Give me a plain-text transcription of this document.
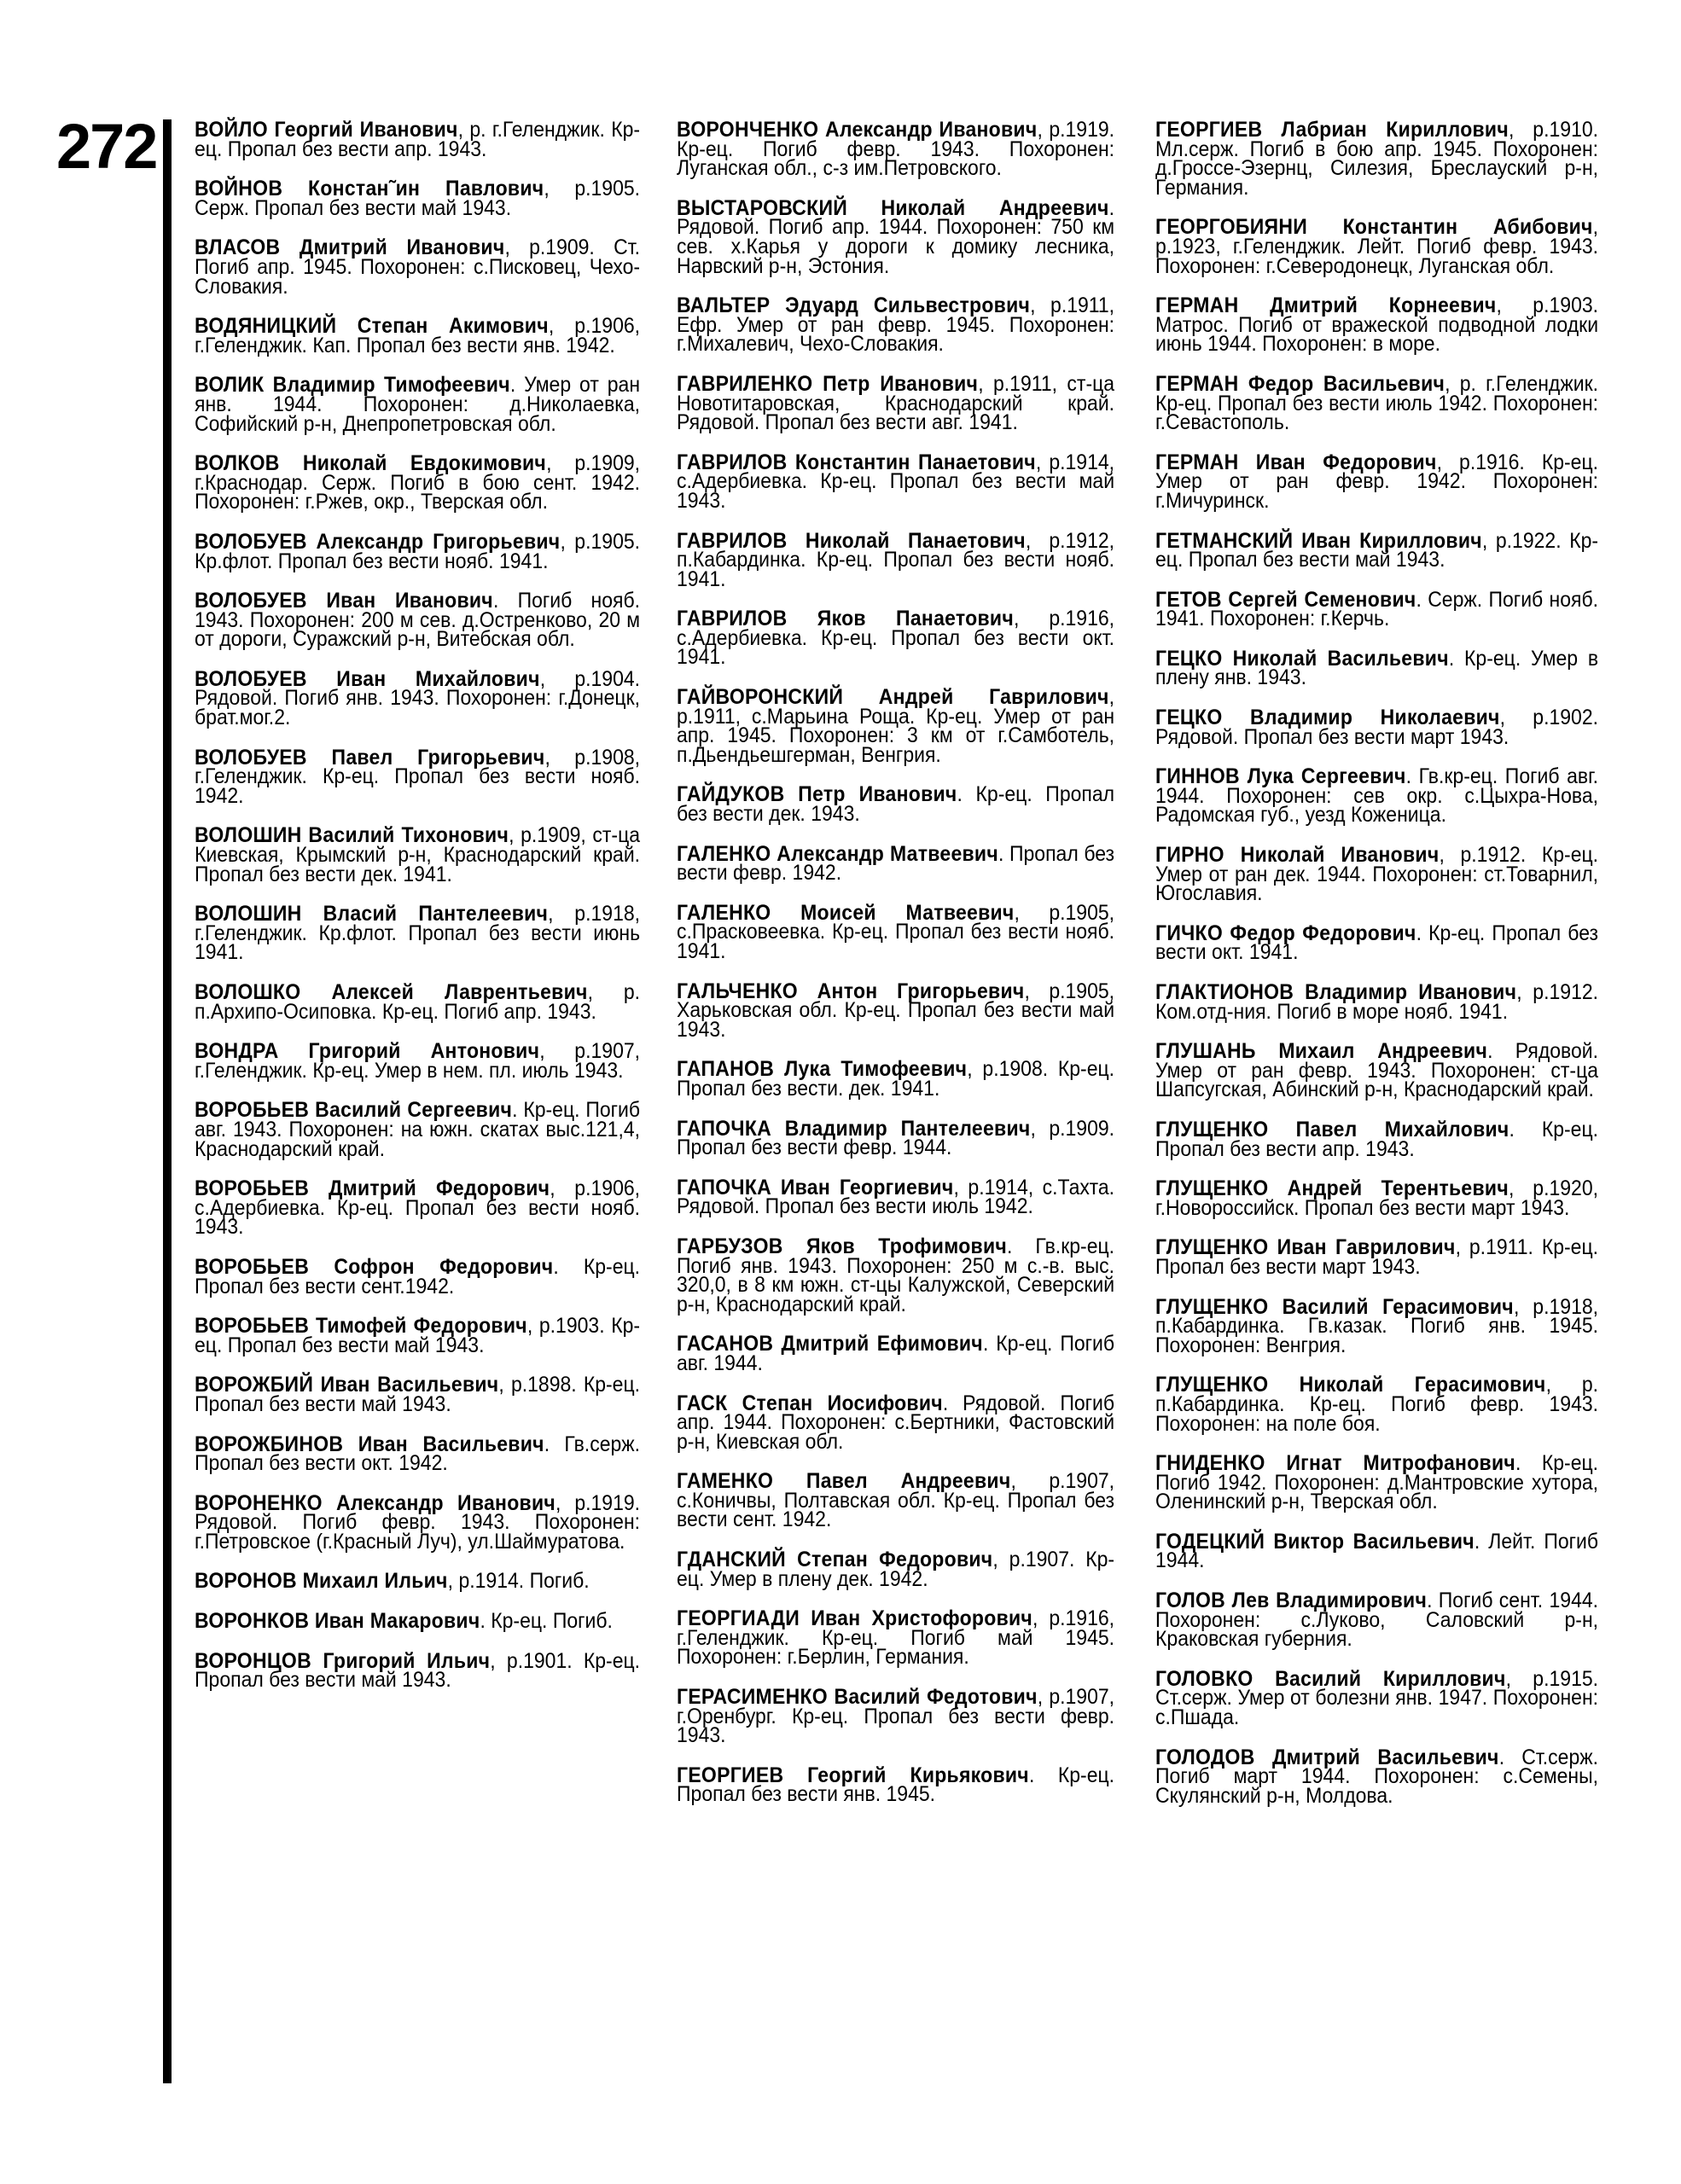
272 ВОЙЛО Георгий Иванович, р. г.Геленджик. Кр-ец. Пропал без вести апр. 1943.

ВОЙНОВ Констан˜ин Павлович, р.1905. Серж. Пропал без вести май 1943.

ВЛАСОВ Дмитрий Иванович, р.1909. Ст. Погиб апр. 1945. Похоронен: с.Писковец, Чехо-Словакия.

ВОДЯНИЦКИЙ Степан Акимович, р.1906, г.Геленджик. Кап. Пропал без вести янв. 1942.

ВОЛИК Владимир Тимофеевич. Умер от ран янв. 1944. Похоронен: д.Николаевка, Софийский р-н, Днепропетровская обл.

ВОЛКОВ Николай Евдокимович, р.1909, г.Краснодар. Серж. Погиб в бою сент. 1942. Похоронен: г.Ржев, окр., Тверская обл.

ВОЛОБУЕВ Александр Григорьевич, р.1905. Кр.флот. Пропал без вести нояб. 1941.

ВОЛОБУЕВ Иван Иванович. Погиб нояб. 1943. Похоронен: 200 м сев. д.Остренково, 20 м от дороги, Суражский р-н, Витебская обл.

ВОЛОБУЕВ Иван Михайлович, р.1904. Рядовой. Погиб янв. 1943. Похоронен: г.Донецк, брат.мог.2.

ВОЛОБУЕВ Павел Григорьевич, р.1908, г.Геленджик. Кр-ец. Пропал без вести нояб. 1942.

ВОЛОШИН Василий Тихонович, р.1909, ст-ца Киевская, Крымский р-н, Краснодарский край. Пропал без вести дек. 1941.

ВОЛОШИН Власий Пантелеевич, р.1918, г.Геленджик. Кр.флот. Пропал без вести июнь 1941.

ВОЛОШКО Алексей Лаврентьевич, р. п.Архипо-Осиповка. Кр-ец. Погиб апр. 1943.

ВОНДРА Григорий Антонович, р.1907, г.Геленджик. Кр-ец. Умер в нем. пл. июль 1943.

ВОРОБЬЕВ Василий Сергеевич. Кр-ец. Погиб авг. 1943. Похоронен: на южн. скатах выс.121,4, Краснодарский край.

ВОРОБЬЕВ Дмитрий Федорович, р.1906, с.Адербиевка. Кр-ец. Пропал без вести нояб. 1943.

ВОРОБЬЕВ Софрон Федорович. Кр-ец. Пропал без вести сент.1942.

ВОРОБЬЕВ Тимофей Федорович, р.1903. Кр-ец. Пропал без вести май 1943.

ВОРОЖБИЙ Иван Васильевич, р.1898. Кр-ец. Пропал без вести май 1943.

ВОРОЖБИНОВ Иван Васильевич. Гв.серж. Пропал без вести окт. 1942.

ВОРОНЕНКО Александр Иванович, р.1919. Рядовой. Погиб февр. 1943. Похоронен: г.Петровское (г.Красный Луч), ул.Шаймуратова.

ВОРОНОВ Михаил Ильич, р.1914. Погиб.

ВОРОНКОВ Иван Макарович. Кр-ец. Погиб.

ВОРОНЦОВ Григорий Ильич, р.1901. Кр-ец. Пропал без вести май 1943.

ВОРОНЧЕНКО Александр Иванович, р.1919. Кр-ец. Погиб февр. 1943. Похоронен: Луганская обл., с-з им.Петровского.

ВЫСТАРОВСКИЙ Николай Андреевич. Рядовой. Погиб апр. 1944. Похоронен: 750 км сев. х.Карья у дороги к домику лесника, Нарвский р-н, Эстония.

ВАЛЬТЕР Эдуард Сильвестрович, р.1911, Ефр. Умер от ран февр. 1945. Похоронен: г.Михалевич, Чехо-Словакия.

ГАВРИЛЕНКО Петр Иванович, р.1911, ст-ца Новотитаровская, Краснодарский край. Рядовой. Пропал без вести авг. 1941.

ГАВРИЛОВ Константин Панаетович, р.1914, с.Адербиевка. Кр-ец. Пропал без вести май 1943.

ГАВРИЛОВ Николай Панаетович, р.1912, п.Кабардинка. Кр-ец. Пропал без вести нояб. 1941.

ГАВРИЛОВ Яков Панаетович, р.1916, с.Адербиевка. Кр-ец. Пропал без вести окт. 1941.

ГАЙВОРОНСКИЙ Андрей Гаврилович, р.1911, с.Марьина Роща. Кр-ец. Умер от ран апр. 1945. Похоронен: 3 км от г.Самботель, п.Дьендьешгерман, Венгрия.

ГАЙДУКОВ Петр Иванович. Кр-ец. Пропал без вести дек. 1943.

ГАЛЕНКО Александр Матвеевич. Пропал без вести февр. 1942.

ГАЛЕНКО Моисей Матвеевич, р.1905, с.Прасковеевка. Кр-ец. Пропал без вести нояб. 1941.

ГАЛЬЧЕНКО Антон Григорьевич, р.1905, Харьковская обл. Кр-ец. Пропал без вести май 1943.

ГАПАНОВ Лука Тимофеевич, р.1908. Кр-ец. Пропал без вести. дек. 1941.

ГАПОЧКА Владимир Пантелеевич, р.1909. Пропал без вести февр. 1944.

ГАПОЧКА Иван Георгиевич, р.1914, с.Тахта. Рядовой. Пропал без вести июль 1942.

ГАРБУЗОВ Яков Трофимович. Гв.кр-ец. Погиб янв. 1943. Похоронен: 250 м с.-в. выс. 320,0, в 8 км южн. ст-цы Калужской, Северский р-н, Краснодарский край.

ГАСАНОВ Дмитрий Ефимович. Кр-ец. Погиб авг. 1944.

ГАСК Степан Иосифович. Рядовой. Погиб апр. 1944. Похоронен: с.Бертники, Фастовский р-н, Киевская обл.

ГАМЕНКО Павел Андреевич, р.1907, с.Коничвы, Полтавская обл. Кр-ец. Пропал без вести сент. 1942.

ГДАНСКИЙ Степан Федорович, р.1907. Кр-ец. Умер в плену дек. 1942.

ГЕОРГИАДИ Иван Христофорович, р.1916, г.Геленджик. Кр-ец. Погиб май 1945. Похоронен: г.Берлин, Германия.

ГЕРАСИМЕНКО Василий Федотович, р.1907, г.Оренбург. Кр-ец. Пропал без вести февр. 1943.

ГЕОРГИЕВ Георгий Кирьякович. Кр-ец. Пропал без вести янв. 1945.

ГЕОРГИЕВ Лабриан Кириллович, р.1910. Мл.серж. Погиб в бою апр. 1945. Похоронен: д.Гроссе-Эзернц, Силезия, Бреслауский р-н, Германия.

ГЕОРГОБИЯНИ Константин Абибович, р.1923, г.Геленджик. Лейт. Погиб февр. 1943. Похоронен: г.Северодонецк, Луганская обл.

ГЕРМАН Дмитрий Корнеевич, р.1903. Матрос. Погиб от вражеской подводной лодки июнь 1944. Похоронен: в море.

ГЕРМАН Федор Васильевич, р. г.Геленджик. Кр-ец. Пропал без вести июль 1942. Похоронен: г.Севастополь.

ГЕРМАН Иван Федорович, р.1916. Кр-ец. Умер от ран февр. 1942. Похоронен: г.Мичуринск.

ГЕТМАНСКИЙ Иван Кириллович, р.1922. Кр-ец. Пропал без вести май 1943.

ГЕТОВ Сергей Семенович. Серж. Погиб нояб. 1941. Похоронен: г.Керчь.

ГЕЦКО Николай Васильевич. Кр-ец. Умер в плену янв. 1943.

ГЕЦКО Владимир Николаевич, р.1902. Рядовой. Пропал без вести март 1943.

ГИННОВ Лука Сергеевич. Гв.кр-ец. Погиб авг. 1944. Похоронен: сев окр. с.Цыхра-Нова, Радомская губ., уезд Коженица.

ГИРНО Николай Иванович, р.1912. Кр-ец. Умер от ран дек. 1944. Похоронен: ст.Товарнил, Югославия.

ГИЧКО Федор Федорович. Кр-ец. Пропал без вести окт. 1941.

ГЛАКТИОНОВ Владимир Иванович, р.1912. Ком.отд-ния. Погиб в море нояб. 1941.

ГЛУШАНЬ Михаил Андреевич. Рядовой. Умер от ран февр. 1943. Похоронен: ст-ца Шапсугская, Абинский р-н, Краснодарский край.

ГЛУЩЕНКО Павел Михайлович. Кр-ец. Пропал без вести апр. 1943.

ГЛУЩЕНКО Андрей Терентьевич, р.1920, г.Новороссийск. Пропал без вести март 1943.

ГЛУЩЕНКО Иван Гаврилович, р.1911. Кр-ец. Пропал без вести март 1943.

ГЛУЩЕНКО Василий Герасимович, р.1918, п.Кабардинка. Гв.казак. Погиб янв. 1945. Похоронен: Венгрия.

ГЛУЩЕНКО Николай Герасимович, р. п.Кабардинка. Кр-ец. Погиб февр. 1943. Похоронен: на поле боя.

ГНИДЕНКО Игнат Митрофанович. Кр-ец. Погиб 1942. Похоронен: д.Мантровские хутора, Оленинский р-н, Тверская обл.

ГОДЕЦКИЙ Виктор Васильевич. Лейт. Погиб 1944.

ГОЛОВ Лев Владимирович. Погиб сент. 1944. Похоронен: с.Луково, Саловский р-н, Краковская губерния.

ГОЛОВКО Василий Кириллович, р.1915. Ст.серж. Умер от болезни янв. 1947. Похоронен: с.Пшада.

ГОЛОДОВ Дмитрий Васильевич. Ст.серж. Погиб март 1944. Похоронен: с.Семены, Скулянский р-н, Молдова.
